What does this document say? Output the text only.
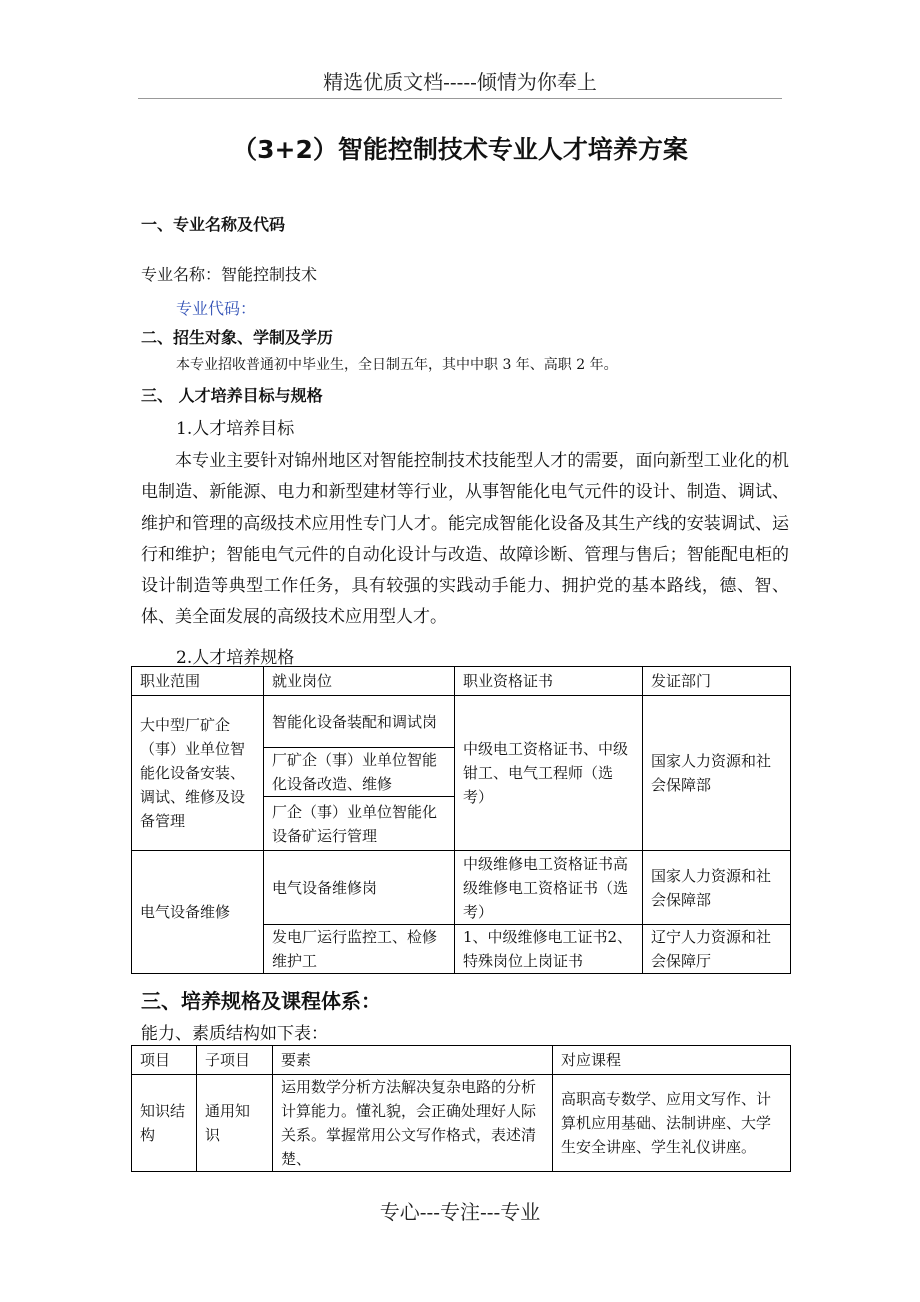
精选优质文档-----倾情为你奉上
（3+2）智能控制技术专业人才培养方案
一、专业名称及代码
专业名称：智能控制技术
专业代码：
二、招生对象、学制及学历
本专业招收普通初中毕业生，全日制五年，其中中职 3 年、高职 2 年。
三、 人才培养目标与规格
1.人才培养目标
本专业主要针对锦州地区对智能控制技术技能型人才的需要，面向新型工业化的机电制造、新能源、电力和新型建材等行业，从事智能化电气元件的设计、制造、调试、维护和管理的高级技术应用性专门人才。能完成智能化设备及其生产线的安装调试、运行和维护；智能电气元件的自动化设计与改造、故障诊断、管理与售后；智能配电柜的设计制造等典型工作任务，具有较强的实践动手能力、拥护党的基本路线，德、智、体、美全面发展的高级技术应用型人才。
2.人才培养规格
职业范围	就业岗位	职业资格证书	发证部门
大中型厂矿企（事）业单位智能化设备安装、调试、维修及设备管理	智能化设备装配和调试岗	中级电工资格证书、中级钳工、电气工程师（选考）	国家人力资源和社会保障部
	厂矿企（事）业单位智能化设备改造、维修		
	厂企（事）业单位智能化设备矿运行管理		
电气设备维修	电气设备维修岗	中级维修电工资格证书高级维修电工资格证书（选考）	国家人力资源和社会保障部
	发电厂运行监控工、检修维护工	1、中级维修电工证书2、特殊岗位上岗证书	辽宁人力资源和社会保障厅
三、培养规格及课程体系：
能力、素质结构如下表：
项目	子项目	要素	对应课程
知识结构	通用知识	运用数学分析方法解决复杂电路的分析计算能力。懂礼貌，会正确处理好人际关系。掌握常用公文写作格式，表述清楚、	高职高专数学、应用文写作、计算机应用基础、法制讲座、大学生安全讲座、学生礼仪讲座。
专心---专注---专业
